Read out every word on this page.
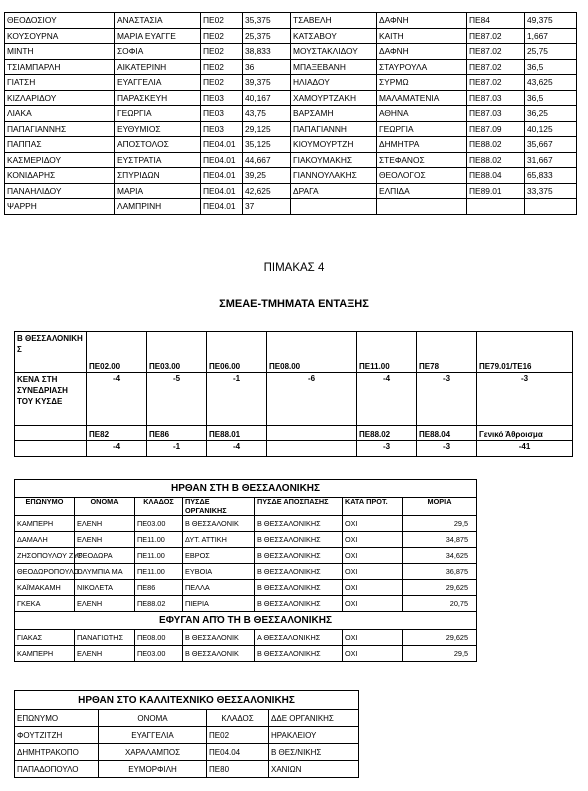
ΘΕΟΔΟΣΙΟΥ	ΑΝΑΣΤΑΣΙΑ	ΠΕ02	35,375	ΤΣΑΒΕΛΗ	ΔΑΦΝΗ	ΠΕ84	49,375
ΚΟΥΣΟΥΡΝΑ	ΜΑΡΙΑ ΕΥΑΓΓΕ	ΠΕ02	25,375	ΚΑΤΣΑΒΟΥ	ΚΑΙΤΗ	ΠΕ87.02	1,667
ΜΙΝΤΗ	ΣΟΦΙΑ	ΠΕ02	38,833	ΜΟΥΣΤΑΚΛΙΔΟΥ	ΔΑΦΝΗ	ΠΕ87.02	25,75
ΤΣΙΑΜΠΑΡΛΗ	ΑΙΚΑΤΕΡΙΝΗ	ΠΕ02	36	ΜΠΑΞΕΒΑΝΗ	ΣΤΑΥΡΟΥΛΑ	ΠΕ87.02	36,5
ΓΙΑΤΣΗ	ΕΥΑΓΓΕΛΙΑ	ΠΕ02	39,375	ΗΛΙΑΔΟΥ	ΣΥΡΜΩ	ΠΕ87.02	43,625
ΚΙΖΛΑΡΙΔΟΥ	ΠΑΡΑΣΚΕΥΗ	ΠΕ03	40,167	ΧΑΜΟΥΡΤΖΑΚΗ	ΜΑΛΑΜΑΤΕΝΙΑ	ΠΕ87.03	36,5
ΛΙΑΚΑ	ΓΕΩΡΓΙΑ	ΠΕ03	43,75	ΒΑΡΣΑΜΗ	ΑΘΗΝΑ	ΠΕ87.03	36,25
ΠΑΠΑΓΙΑΝΝΗΣ	ΕΥΘΥΜΙΟΣ	ΠΕ03	29,125	ΠΑΠΑΓΙΑΝΝΗ	ΓΕΩΡΓΙΑ	ΠΕ87.09	40,125
ΠΑΠΠΑΣ	ΑΠΟΣΤΟΛΟΣ	ΠΕ04.01	35,125	ΚΙΟΥΜΟΥΡΤΖΗ	ΔΗΜΗΤΡΑ	ΠΕ88.02	35,667
ΚΑΣΜΕΡΙΔΟΥ	ΕΥΣΤΡΑΤΙΑ	ΠΕ04.01	44,667	ΓΙΑΚΟΥΜΑΚΗΣ	ΣΤΕΦΑΝΟΣ	ΠΕ88.02	31,667
ΚΟΝΙΔΑΡΗΣ	ΣΠΥΡΙΔΩΝ	ΠΕ04.01	39,25	ΓΙΑΝΝΟΥΛΑΚΗΣ	ΘΕΟΛΟΓΟΣ	ΠΕ88.04	65,833
ΠΑΝΑΗΛΙΔΟΥ	ΜΑΡΙΑ	ΠΕ04.01	42,625	ΔΡΑΓΑ	ΕΛΠΙΔΑ	ΠΕ89.01	33,375
ΨΑΡΡΗ	ΛΑΜΠΡΙΝΗ	ΠΕ04.01	37				
ΠΙΜΑΚΑΣ 4
ΣΜΕΑΕ-ΤΜΗΜΑΤΑ ΕΝΤΑΞΗΣ
Β ΘΕΣΣΑΛΟΝΙΚΗ Σ	ΠΕ02.00	ΠΕ03.00	ΠΕ06.00	ΠΕ08.00	ΠΕ11.00	ΠΕ78	ΠΕ79.01/ΤΕ16
ΚΕΝΑ ΣΤΗ ΣΥΝΕΔΡΙΑΣΗ ΤΟΥ ΚΥΣΔΕ	-4	-5	-1	-6	-4	-3	-3
	ΠΕ82	ΠΕ86	ΠΕ88.01		ΠΕ88.02	ΠΕ88.04	Γενικό Άθροισμα
	-4	-1	-4		-3	-3	-41
ΗΡΘΑΝ ΣΤΗ Β ΘΕΣΣΑΛΟΝΙΚΗΣ						
ΕΠΩΝΥΜΟ	ΟΝΟΜΑ	ΚΛΑΔΟΣ	ΠΥΣΔΕ ΟΡΓΑΝΙΚΗΣ	ΠΥΣΔΕ ΑΠΟΣΠΑΣΗΣ	ΚΑΤΑ ΠΡΟΤ.	ΜΟΡΙΑ
ΚΑΜΠΕΡΗ	ΕΛΕΝΗ	ΠΕ03.00	Β ΘΕΣΣΑΛΟΝΙΚ	Β ΘΕΣΣΑΛΟΝΙΚΗΣ	ΟΧΙ	29,5
ΔΑΜΑΛΗ	ΕΛΕΝΗ	ΠΕ11.00	ΔΥΤ. ΑΤΤΙΚΗ	Β ΘΕΣΣΑΛΟΝΙΚΗΣ	ΟΧΙ	34,875
ΖΗΣΟΠΟΥΛΟΥ ΖΥΓ	ΘΕΟΔΩΡΑ	ΠΕ11.00	ΕΒΡΟΣ	Β ΘΕΣΣΑΛΟΝΙΚΗΣ	ΟΧΙ	34,625
ΘΕΟΔΩΡΟΠΟΥΛΟ	ΟΛΥΜΠΙΑ ΜΑ	ΠΕ11.00	ΕΥΒΟΙΑ	Β ΘΕΣΣΑΛΟΝΙΚΗΣ	ΟΧΙ	36,875
ΚΑΪΜΑΚΑΜΗ	ΝΙΚΟΛΕΤΑ	ΠΕ86	ΠΕΛΛΑ	Β ΘΕΣΣΑΛΟΝΙΚΗΣ	ΟΧΙ	29,625
ΓΚΕΚΑ	ΕΛΕΝΗ	ΠΕ88.02	ΠΙΕΡΙΑ	Β ΘΕΣΣΑΛΟΝΙΚΗΣ	ΟΧΙ	20,75
ΕΦΥΓΑΝ ΑΠΌ ΤΗ Β ΘΕΣΣΑΛΟΝΙΚΗΣ						
ΓΙΑΚΑΣ	ΠΑΝΑΓΙΩΤΗΣ	ΠΕ08.00	Β ΘΕΣΣΑΛΟΝΙΚ	Α ΘΕΣΣΑΛΟΝΙΚΗΣ	ΟΧΙ	29,625
ΚΑΜΠΕΡΗ	ΕΛΕΝΗ	ΠΕ03.00	Β ΘΕΣΣΑΛΟΝΙΚ	Β ΘΕΣΣΑΛΟΝΙΚΗΣ	ΟΧΙ	29,5
ΗΡΘΑΝ ΣΤΟ ΚΑΛΛΙΤΕΧΝΙΚΟ ΘΕΣΣΑΛΟΝΙΚΗΣ			
ΕΠΩΝΥΜΟ	ΟΝΟΜΑ	ΚΛΑΔΟΣ	ΔΔΕ ΟΡΓΑΝΙΚΗΣ
ΦΟΥΤΖΙΤΖΗ	ΕΥΑΓΓΕΛΙΑ	ΠΕ02	ΗΡΑΚΛΕΙΟΥ
ΔΗΜΗΤΡΑΚΟΠΟ	ΧΑΡΑΛΑΜΠΟΣ	ΠΕ04.04	Β ΘΕΣ/ΝΙΚΗΣ
ΠΑΠΑΔΟΠΟΥΛΟ	ΕΥΜΟΡΦΙΛΗ	ΠΕ80	ΧΑΝΙΩΝ
